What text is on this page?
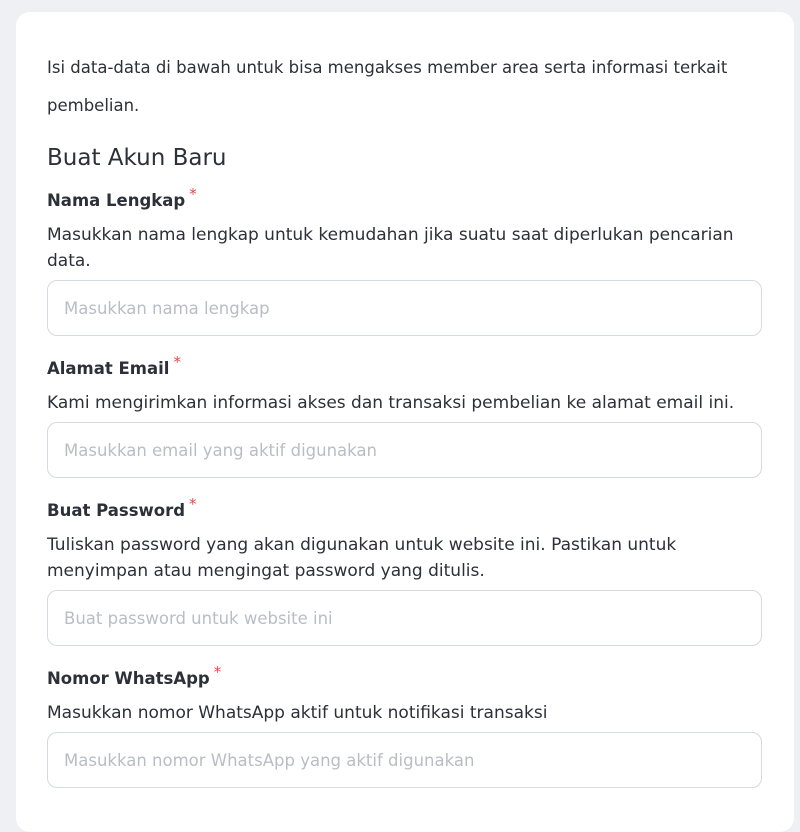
Isi data-data di bawah untuk bisa mengakses member area serta informasi terkait pembelian.

Buat Akun Baru
Nama Lengkap *

Masukkan nama lengkap untuk kemudahan jika suatu saat diperlukan pencarian data.

Masukkan nama lengkap
Alamat Email *

Kami mengirimkan informasi akses dan transaksi pembelian ke alamat email ini.

Masukkan email yang aktif digunakan
Buat Password *

Tuliskan password yang akan digunakan untuk website ini. Pastikan untuk menyimpan atau mengingat password yang ditulis.

Buat password untuk website ini
Nomor WhatsApp *

Masukkan nomor WhatsApp aktif untuk notifikasi transaksi

Masukkan nomor WhatsApp yang aktif digunakan
